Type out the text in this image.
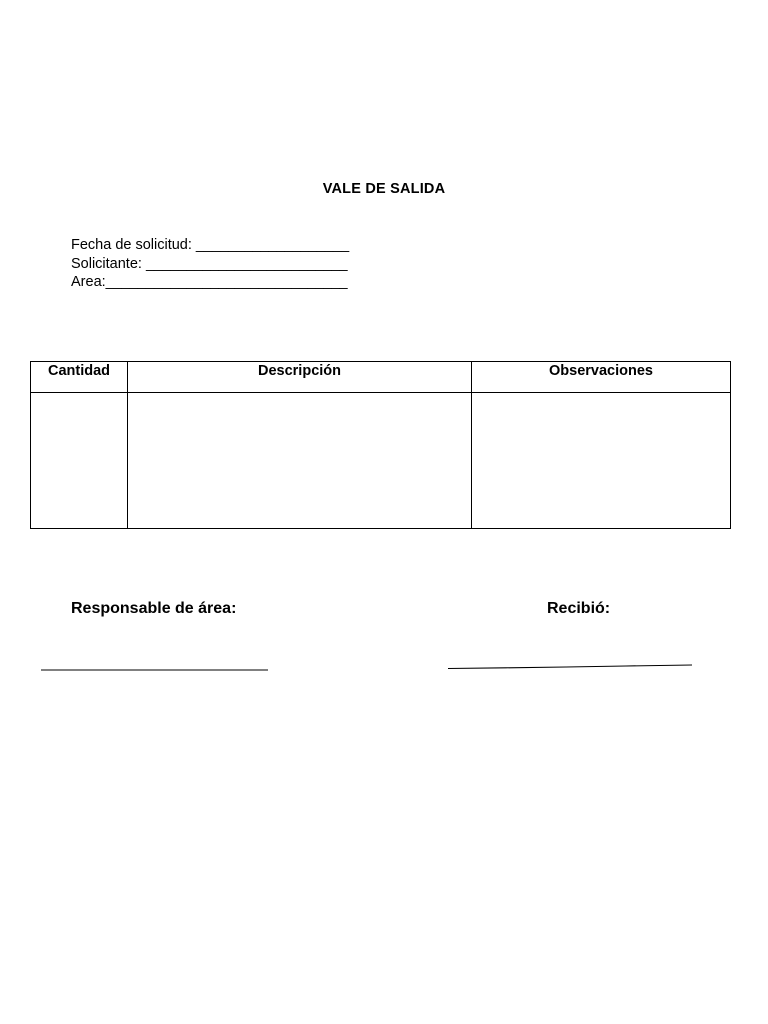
VALE DE SALIDA
Fecha de solicitud: ___________________
Solicitante: _________________________
Area:______________________________
Cantidad	Descripción	Observaciones

Responsable de área:	Recibió:
